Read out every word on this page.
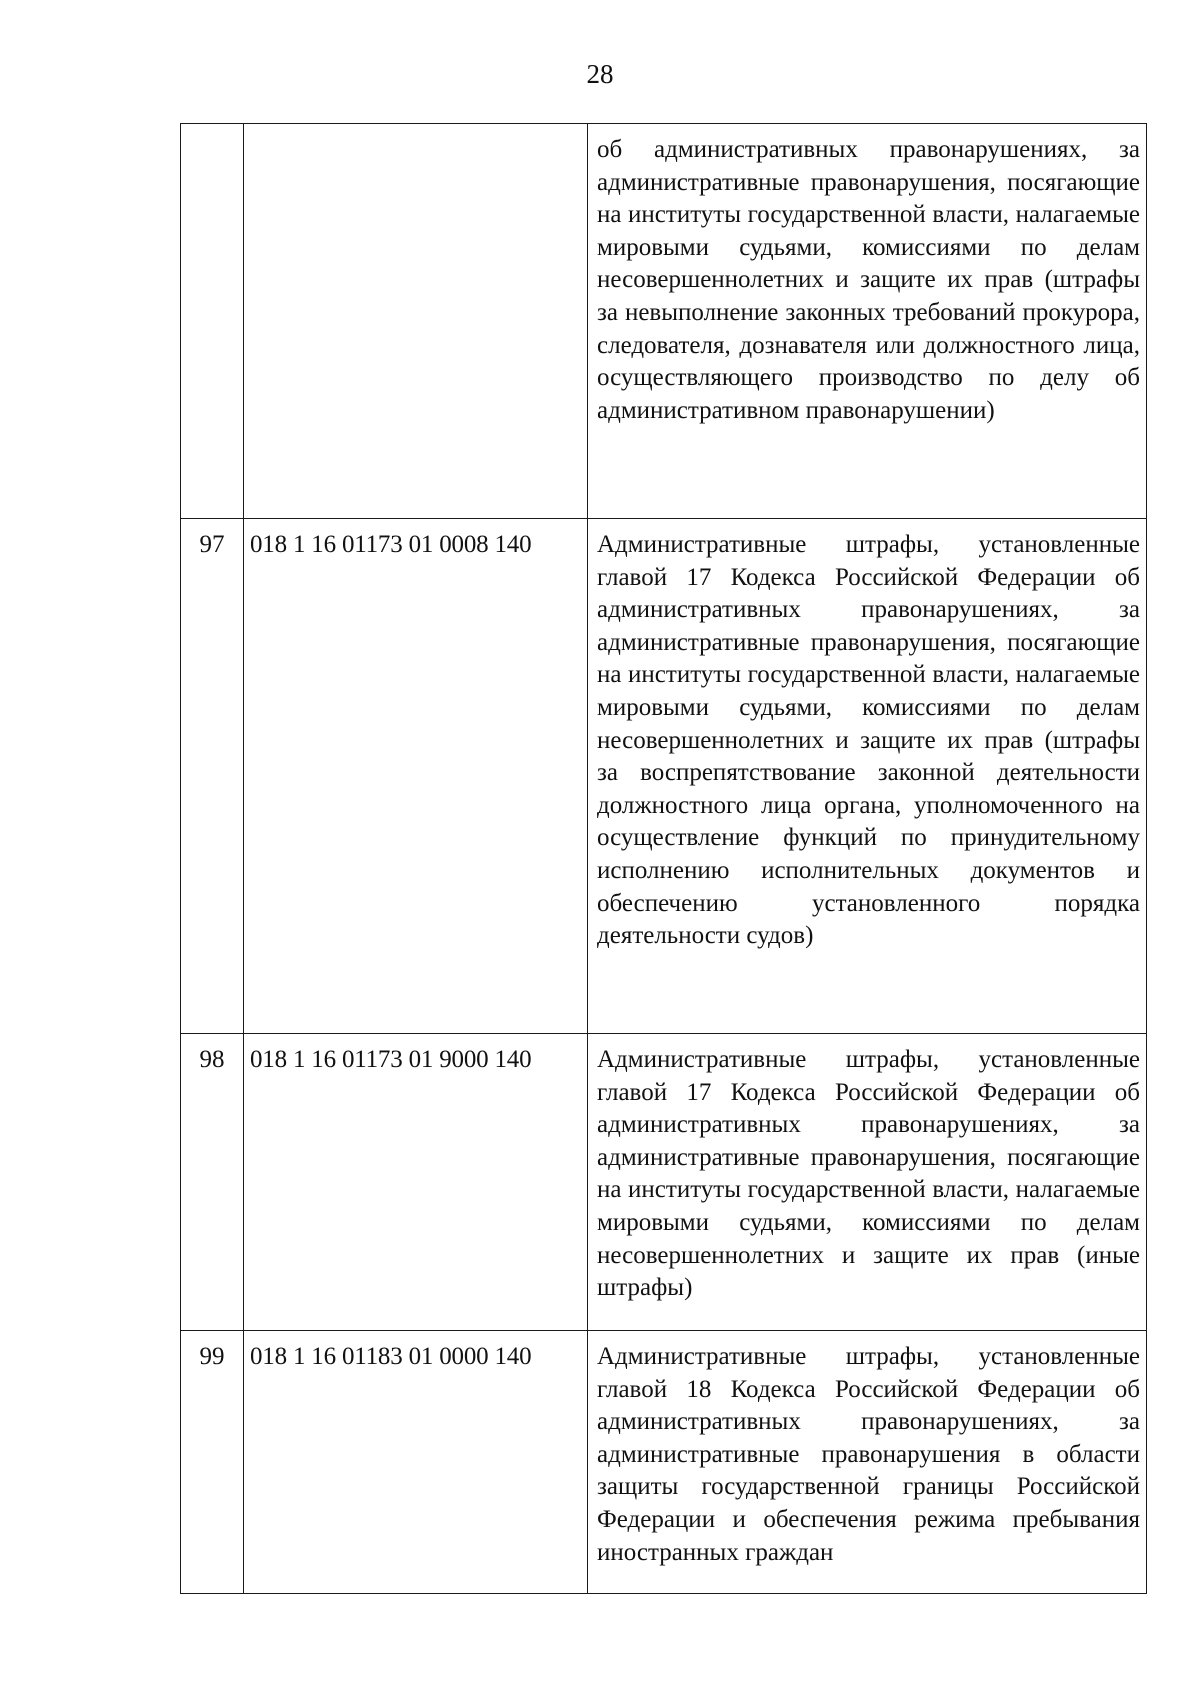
28

		об административных правонарушениях, за административные правонарушения, посягающие на институты государственной власти, налагаемые мировыми судьями, комиссиями по делам несовершеннолетних и защите их прав (штрафы за невыполнение законных требований прокурора, следователя, дознавателя или должностного лица, осуществляющего производство по делу об административном правонарушении)

97	018 1 16 01173 01 0008 140	Административные штрафы, установленные главой 17 Кодекса Российской Федерации об административных правонарушениях, за административные правонарушения, посягающие на институты государственной власти, налагаемые мировыми судьями, комиссиями по делам несовершеннолетних и защите их прав (штрафы за воспрепятствование законной деятельности должностного лица органа, уполномоченного на осуществление функций по принудительному исполнению исполнительных документов и обеспечению установленного порядка деятельности судов)

98	018 1 16 01173 01 9000 140	Административные штрафы, установленные главой 17 Кодекса Российской Федерации об административных правонарушениях, за административные правонарушения, посягающие на институты государственной власти, налагаемые мировыми судьями, комиссиями по делам несовершеннолетних и защите их прав (иные штрафы)

99	018 1 16 01183 01 0000 140	Административные штрафы, установленные главой 18 Кодекса Российской Федерации об административных правонарушениях, за административные правонарушения в области защиты государственной границы Российской Федерации и обеспечения режима пребывания иностранных граждан
